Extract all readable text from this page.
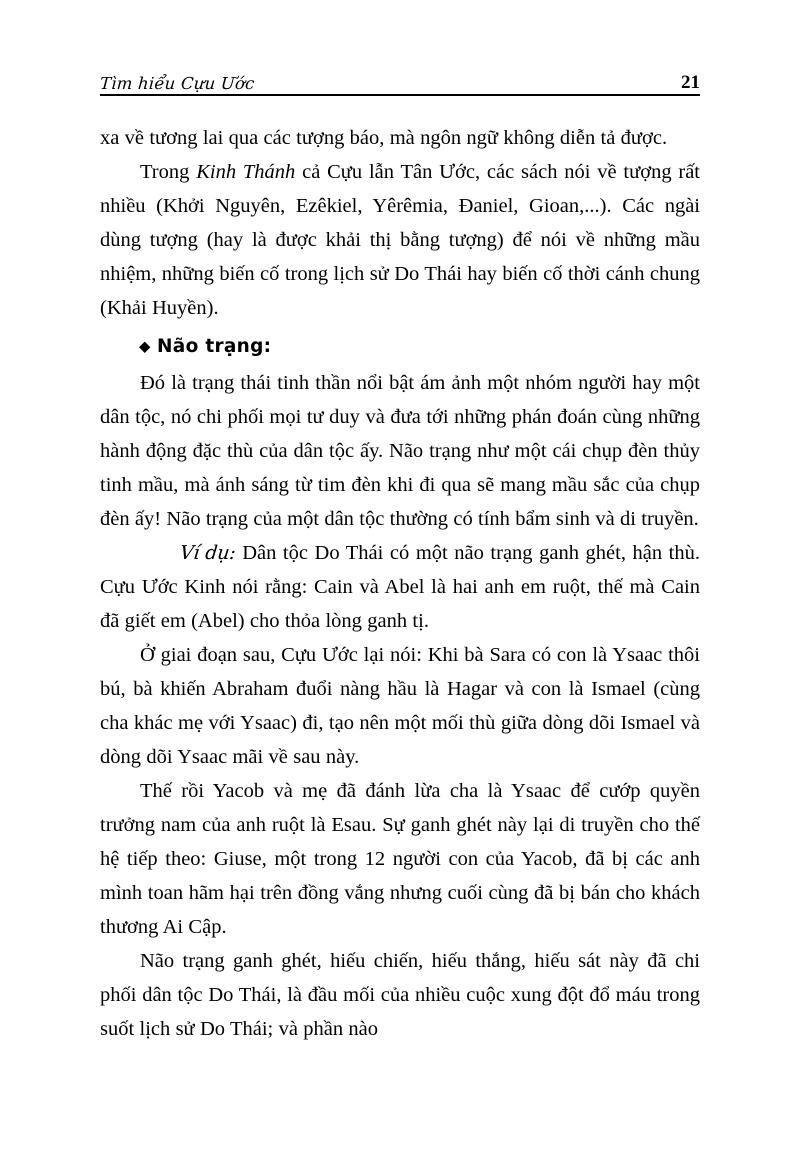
Tìm hiểu Cựu Ước	21

xa về tương lai qua các tượng báo, mà ngôn ngữ không diễn tả được.

Trong Kinh Thánh cả Cựu lẫn Tân Ước, các sách nói về tượng rất nhiều (Khởi Nguyên, Ezêkiel, Yêrêmia, Đaniel, Gioan,...). Các ngài dùng tượng (hay là được khải thị bằng tượng) để nói về những mầu nhiệm, những biến cố trong lịch sử Do Thái hay biến cố thời cánh chung (Khải Huyền).

Não trạng:

Đó là trạng thái tinh thần nổi bật ám ảnh một nhóm người hay một dân tộc, nó chi phối mọi tư duy và đưa tới những phán đoán cùng những hành động đặc thù của dân tộc ấy. Não trạng như một cái chụp đèn thủy tinh mầu, mà ánh sáng từ tim đèn khi đi qua sẽ mang mầu sắc của chụp đèn ấy! Não trạng của một dân tộc thường có tính bẩm sinh và di truyền.

Ví dụ: Dân tộc Do Thái có một não trạng ganh ghét, hận thù. Cựu Ước Kinh nói rằng: Cain và Abel là hai anh em ruột, thế mà Cain đã giết em (Abel) cho thỏa lòng ganh tị.

Ở giai đoạn sau, Cựu Ước lại nói: Khi bà Sara có con là Ysaac thôi bú, bà khiến Abraham đuổi nàng hầu là Hagar và con là Ismael (cùng cha khác mẹ với Ysaac) đi, tạo nên một mối thù giữa dòng dõi Ismael và dòng dõi Ysaac mãi về sau này.

Thế rồi Yacob và mẹ đã đánh lừa cha là Ysaac để cướp quyền trưởng nam của anh ruột là Esau. Sự ganh ghét này lại di truyền cho thế hệ tiếp theo: Giuse, một trong 12 người con của Yacob, đã bị các anh mình toan hãm hại trên đồng vắng nhưng cuối cùng đã bị bán cho khách thương Ai Cập.

Não trạng ganh ghét, hiếu chiến, hiếu thắng, hiếu sát này đã chi phối dân tộc Do Thái, là đầu mối của nhiều cuộc xung đột đổ máu trong suốt lịch sử Do Thái; và phần nào
